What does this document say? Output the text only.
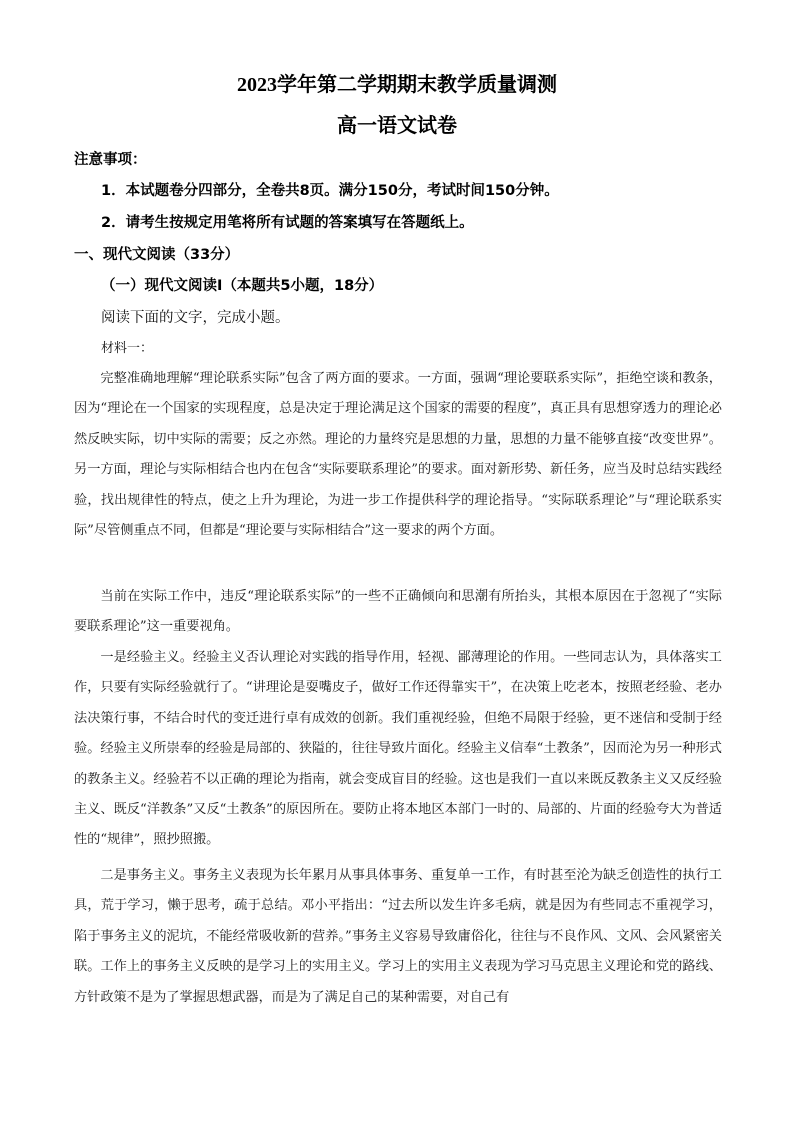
2023学年第二学期期末教学质量调测
高一语文试卷
注意事项：
1．本试题卷分四部分，全卷共8页。满分150分，考试时间150分钟。
2．请考生按规定用笔将所有试题的答案填写在答题纸上。
一、现代文阅读（33分）
（一）现代文阅读Ⅰ（本题共5小题，18分）
阅读下面的文字，完成小题。
材料一：

完整准确地理解“理论联系实际”包含了两方面的要求。一方面，强调“理论要联系实际”，拒绝空谈和教条，因为“理论在一个国家的实现程度，总是决定于理论满足这个国家的需要的程度”，真正具有思想穿透力的理论必然反映实际，切中实际的需要；反之亦然。理论的力量终究是思想的力量，思想的力量不能够直接“改变世界”。另一方面，理论与实际相结合也内在包含“实际要联系理论”的要求。面对新形势、新任务，应当及时总结实践经验，找出规律性的特点，使之上升为理论，为进一步工作提供科学的理论指导。“实际联系理论”与“理论联系实际”尽管侧重点不同，但都是“理论要与实际相结合”这一要求的两个方面。

当前在实际工作中，违反“理论联系实际”的一些不正确倾向和思潮有所抬头，其根本原因在于忽视了“实际要联系理论”这一重要视角。

一是经验主义。经验主义否认理论对实践的指导作用，轻视、鄙薄理论的作用。一些同志认为，具体落实工作，只要有实际经验就行了。“讲理论是耍嘴皮子，做好工作还得靠实干”，在决策上吃老本，按照老经验、老办法决策行事，不结合时代的变迁进行卓有成效的创新。我们重视经验，但绝不局限于经验，更不迷信和受制于经验。经验主义所崇奉的经验是局部的、狭隘的，往往导致片面化。经验主义信奉“土教条”，因而沦为另一种形式的教条主义。经验若不以正确的理论为指南，就会变成盲目的经验。这也是我们一直以来既反教条主义又反经验主义、既反“洋教条”又反“土教条”的原因所在。要防止将本地区本部门一时的、局部的、片面的经验夸大为普适性的“规律”，照抄照搬。

二是事务主义。事务主义表现为长年累月从事具体事务、重复单一工作，有时甚至沦为缺乏创造性的执行工具，荒于学习，懒于思考，疏于总结。邓小平指出：“过去所以发生许多毛病，就是因为有些同志不重视学习，陷于事务主义的泥坑，不能经常吸收新的营养。”事务主义容易导致庸俗化，往往与不良作风、文风、会风紧密关联。工作上的事务主义反映的是学习上的实用主义。学习上的实用主义表现为学习马克思主义理论和党的路线、方针政策不是为了掌握思想武器，而是为了满足自己的某种需要，对自己有
